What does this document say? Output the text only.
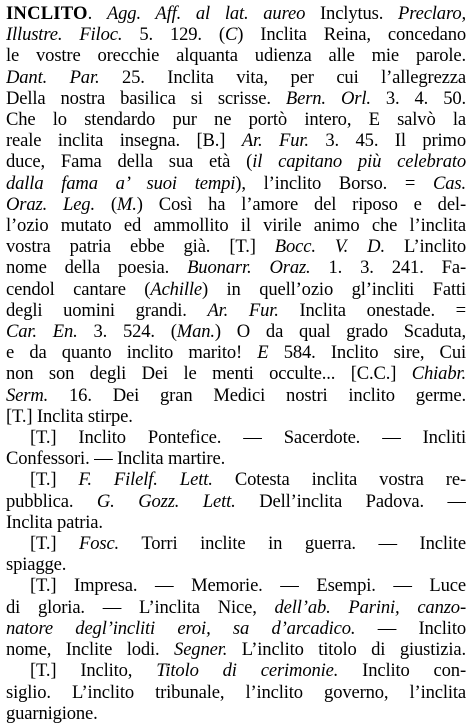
INCLITO. Agg. Aff. al lat. aureo Inclytus. Preclaro,
Illustre. Filoc. 5. 129. (C) Inclita Reina, concedano
le vostre orecchie alquanta udienza alle mie parole.
Dant. Par. 25. Inclita vita, per cui l’allegrezza
Della nostra basilica si scrisse. Bern. Orl. 3. 4. 50.
Che lo stendardo pur ne portò intero, E salvò la
reale inclita insegna. [B.] Ar. Fur. 3. 45. Il primo
duce, Fama della sua età (il capitano più celebrato
dalla fama a’ suoi tempi), l’inclito Borso. = Cas.
Oraz. Leg. (M.) Così ha l’amore del riposo e del-
l’ozio mutato ed ammollito il virile animo che l’inclita
vostra patria ebbe già. [T.] Bocc. V. D. L’inclito
nome della poesia. Buonarr. Oraz. 1. 3. 241. Fa-
cendol cantare (Achille) in quell’ozio gl’incliti Fatti
degli uomini grandi. Ar. Fur. Inclita onestade. =
Car. En. 3. 524. (Man.) O da qual grado Scaduta,
e da quanto inclito marito! E 584. Inclito sire, Cui
non son degli Dei le menti occulte... [C.C.] Chiabr.
Serm. 16. Dei gran Medici nostri inclito germe.
[T.] Inclita stirpe.
[T.] Inclito Pontefice. — Sacerdote. — Incliti
Confessori. — Inclita martire.
[T.] F. Filelf. Lett. Cotesta inclita vostra re-
pubblica. G. Gozz. Lett. Dell’inclita Padova. —
Inclita patria.
[T.] Fosc. Torri inclite in guerra. — Inclite
spiagge.
[T.] Impresa. — Memorie. — Esempi. — Luce
di gloria. — L’inclita Nice, dell’ab. Parini, canzo-
natore degl’incliti eroi, sa d’arcadico. — Inclito
nome, Inclite lodi. Segner. L’inclito titolo di giustizia.
[T.] Inclito, Titolo di cerimonie. Inclito con-
siglio. L’inclito tribunale, l’inclito governo, l’inclita
guarnigione.
